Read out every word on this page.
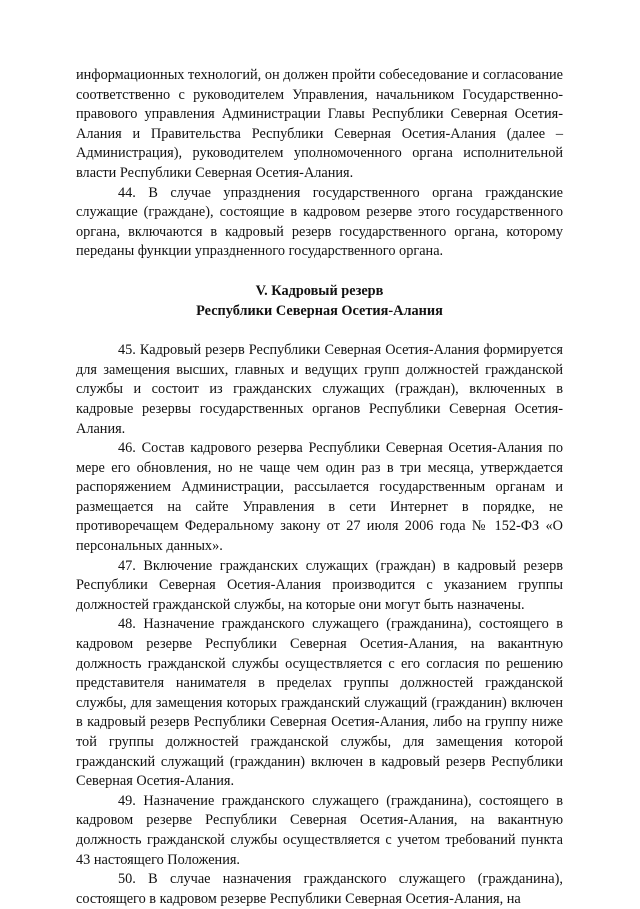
информационных технологий, он должен пройти собеседование и согласование соответственно с руководителем Управления, начальником Государственно-правового управления Администрации Главы Республики Северная Осетия-Алания и Правительства Республики Северная Осетия-Алания (далее – Администрация), руководителем уполномоченного органа исполнительной власти Республики Северная Осетия-Алания.

44. В случае упразднения государственного органа гражданские служащие (граждане), состоящие в кадровом резерве этого государственного органа, включаются в кадровый резерв государственного органа, которому переданы функции упраздненного государственного органа.

V. Кадровый резерв

Республики Северная Осетия-Алания

45. Кадровый резерв Республики Северная Осетия-Алания формируется для замещения высших, главных и ведущих групп должностей гражданской службы и состоит из гражданских служащих (граждан), включенных в кадровые резервы государственных органов Республики Северная Осетия-Алания.

46. Состав кадрового резерва Республики Северная Осетия-Алания по мере его обновления, но не чаще чем один раз в три месяца, утверждается распоряжением Администрации, рассылается государственным органам и размещается на сайте Управления в сети Интернет в порядке, не противоречащем Федеральному закону от 27 июля 2006 года № 152-ФЗ «О персональных данных».

47. Включение гражданских служащих (граждан) в кадровый резерв Республики Северная Осетия-Алания производится с указанием группы должностей гражданской службы, на которые они могут быть назначены.

48. Назначение гражданского служащего (гражданина), состоящего в кадровом резерве Республики Северная Осетия-Алания, на вакантную должность гражданской службы осуществляется с его согласия по решению представителя нанимателя в пределах группы должностей гражданской службы, для замещения которых гражданский служащий (гражданин) включен в кадровый резерв Республики Северная Осетия-Алания, либо на группу ниже той группы должностей гражданской службы, для замещения которой гражданский служащий (гражданин) включен в кадровый резерв Республики Северная Осетия-Алания.

49. Назначение гражданского служащего (гражданина), состоящего в кадровом резерве Республики Северная Осетия-Алания, на вакантную должность гражданской службы осуществляется с учетом требований пункта 43 настоящего Положения.

50. В случае назначения гражданского служащего (гражданина), состоящего в кадровом резерве Республики Северная Осетия-Алания, на
